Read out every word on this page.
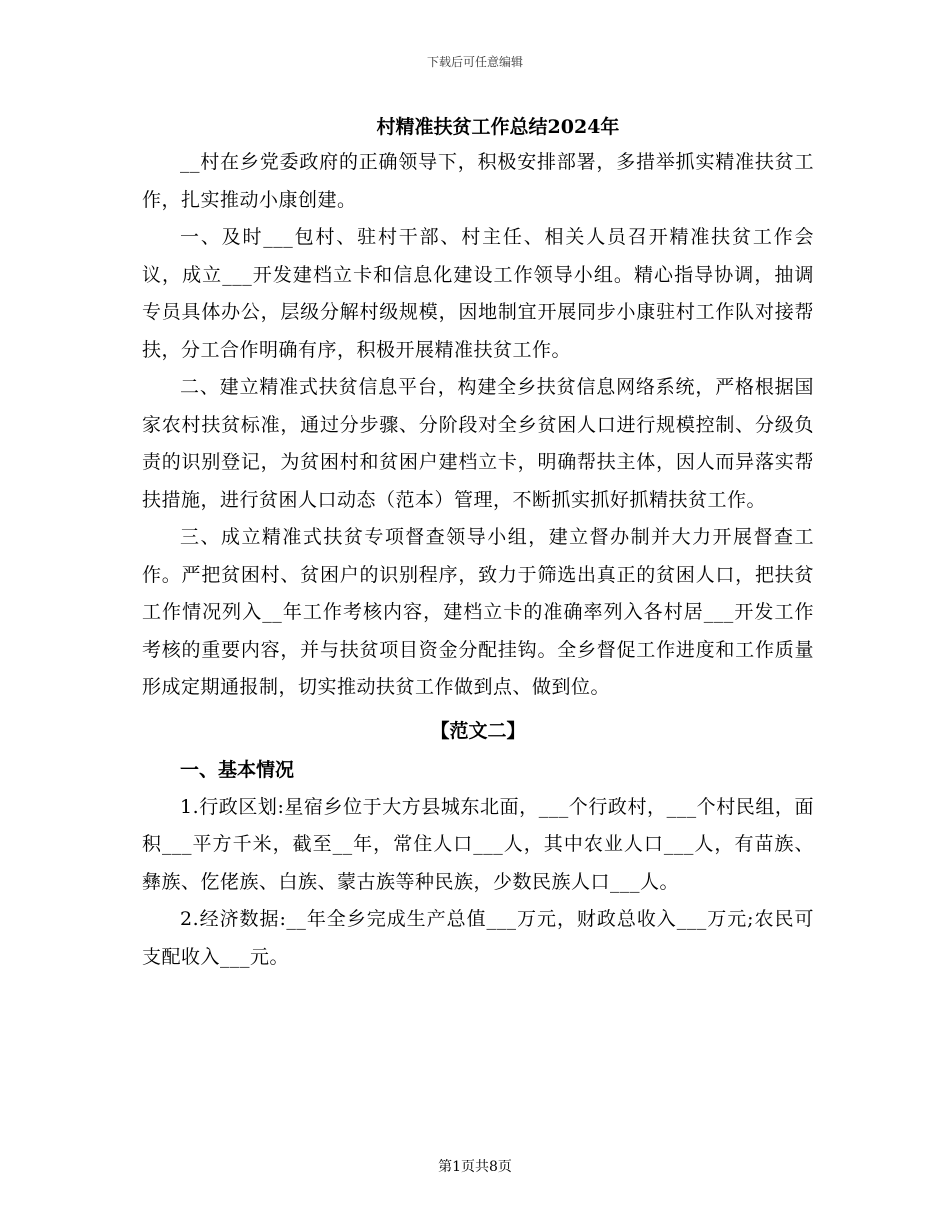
下载后可任意编辑
村精准扶贫工作总结2024年

__村在乡党委政府的正确领导下，积极安排部署，多措举抓实精准扶贫工作，扎实推动小康创建。

一、及时___包村、驻村干部、村主任、相关人员召开精准扶贫工作会议，成立___开发建档立卡和信息化建设工作领导小组。精心指导协调，抽调专员具体办公，层级分解村级规模，因地制宜开展同步小康驻村工作队对接帮扶，分工合作明确有序，积极开展精准扶贫工作。

二、建立精准式扶贫信息平台，构建全乡扶贫信息网络系统，严格根据国家农村扶贫标准，通过分步骤、分阶段对全乡贫困人口进行规模控制、分级负责的识别登记，为贫困村和贫困户建档立卡，明确帮扶主体，因人而异落实帮扶措施，进行贫困人口动态（范本）管理，不断抓实抓好抓精扶贫工作。

三、成立精准式扶贫专项督查领导小组，建立督办制并大力开展督查工作。严把贫困村、贫困户的识别程序，致力于筛选出真正的贫困人口，把扶贫工作情况列入__年工作考核内容，建档立卡的准确率列入各村居___开发工作考核的重要内容，并与扶贫项目资金分配挂钩。全乡督促工作进度和工作质量形成定期通报制，切实推动扶贫工作做到点、做到位。

【范文二】
一、基本情况

1.行政区划:星宿乡位于大方县城东北面，___个行政村，___个村民组，面积___平方千米，截至__年，常住人口___人，其中农业人口___人，有苗族、彝族、仡佬族、白族、蒙古族等种民族，少数民族人口___人。

2.经济数据:__年全乡完成生产总值___万元，财政总收入___万元;农民可支配收入___元。

第1页共8页
